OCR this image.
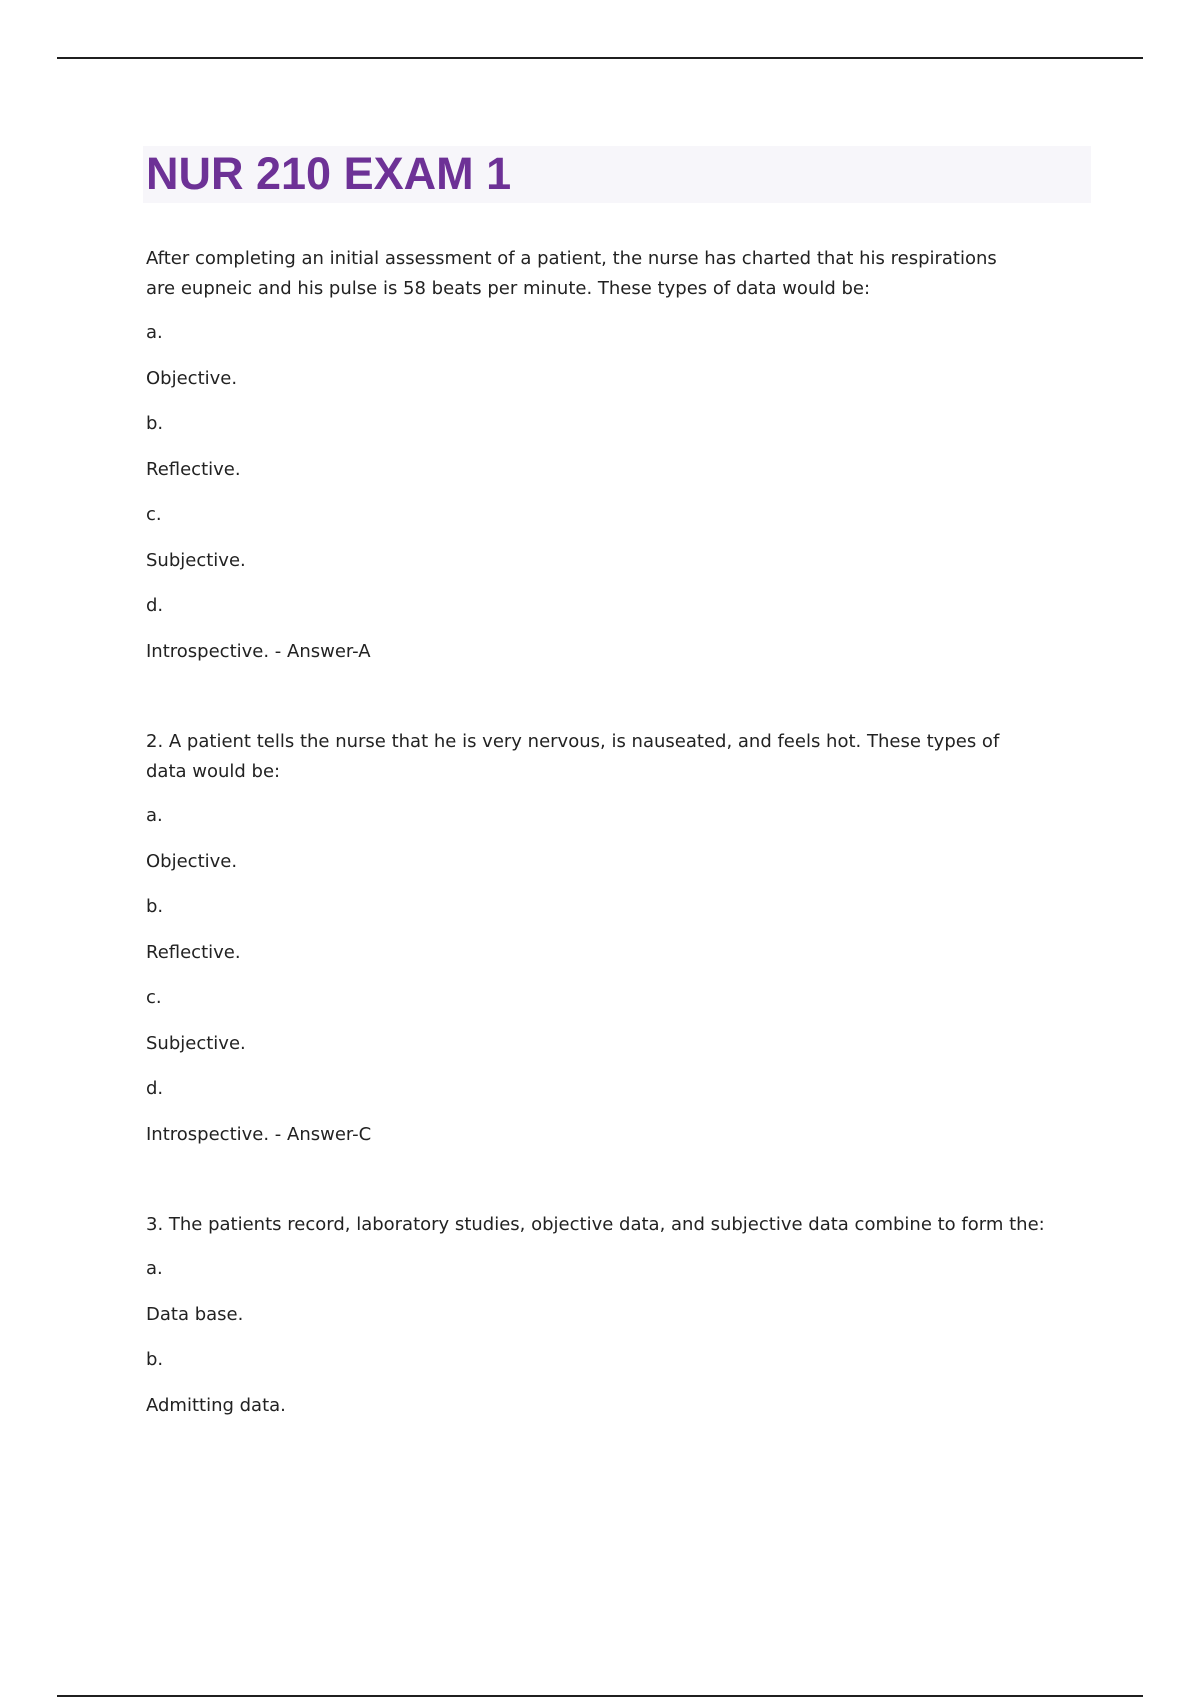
NUR 210 EXAM 1

After completing an initial assessment of a patient, the nurse has charted that his respirations are eupneic and his pulse is 58 beats per minute. These types of data would be:

a.

Objective.

b.

Reflective.

c.

Subjective.

d.

Introspective. - Answer-A

2. A patient tells the nurse that he is very nervous, is nauseated, and feels hot. These types of data would be:

a.

Objective.

b.

Reflective.

c.

Subjective.

d.

Introspective. - Answer-C

3. The patients record, laboratory studies, objective data, and subjective data combine to form the:

a.

Data base.

b.

Admitting data.
